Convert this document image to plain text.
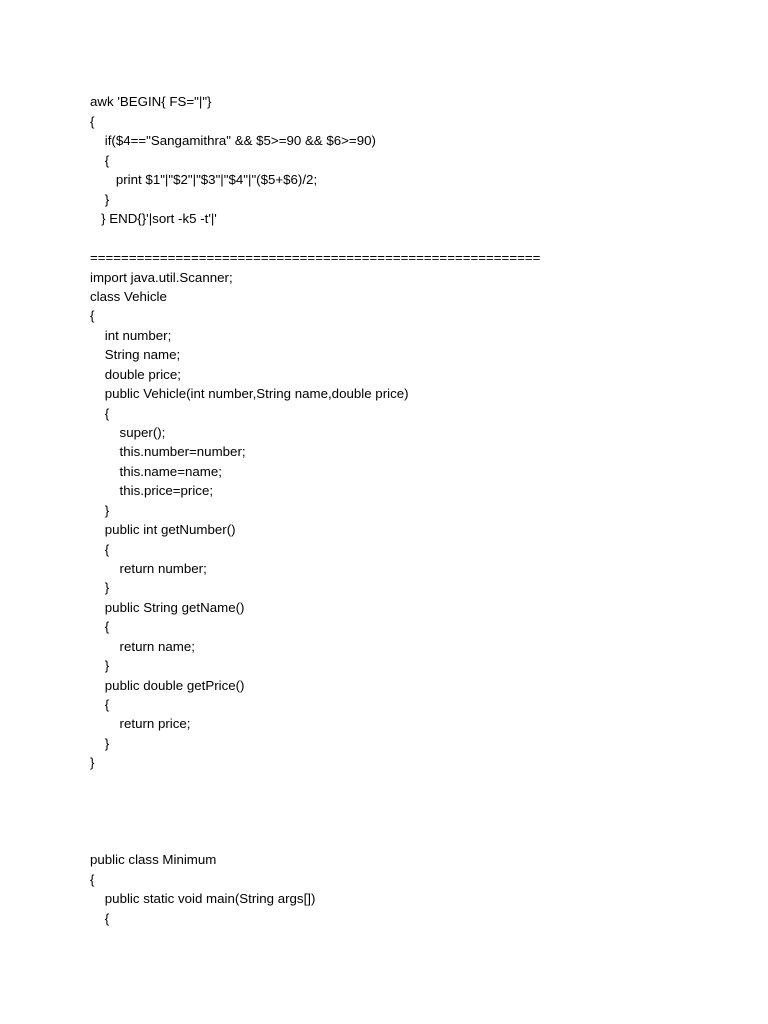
awk 'BEGIN{ FS="|"}
{
if($4=="Sangamithra" && $5>=90 && $6>=90)
{
print $1"|"$2"|"$3"|"$4"|"($5+$6)/2;
}
} END{}'|sort -k5 -t'|'
==========================================================
import java.util.Scanner;
class Vehicle
{
int number;
String name;
double price;
public Vehicle(int number,String name,double price)
{
super();
this.number=number;
this.name=name;
this.price=price;
}
public int getNumber()
{
return number;
}
public String getName()
{
return name;
}
public double getPrice()
{
return price;
}
}
public class Minimum
{
public static void main(String args[])
{
